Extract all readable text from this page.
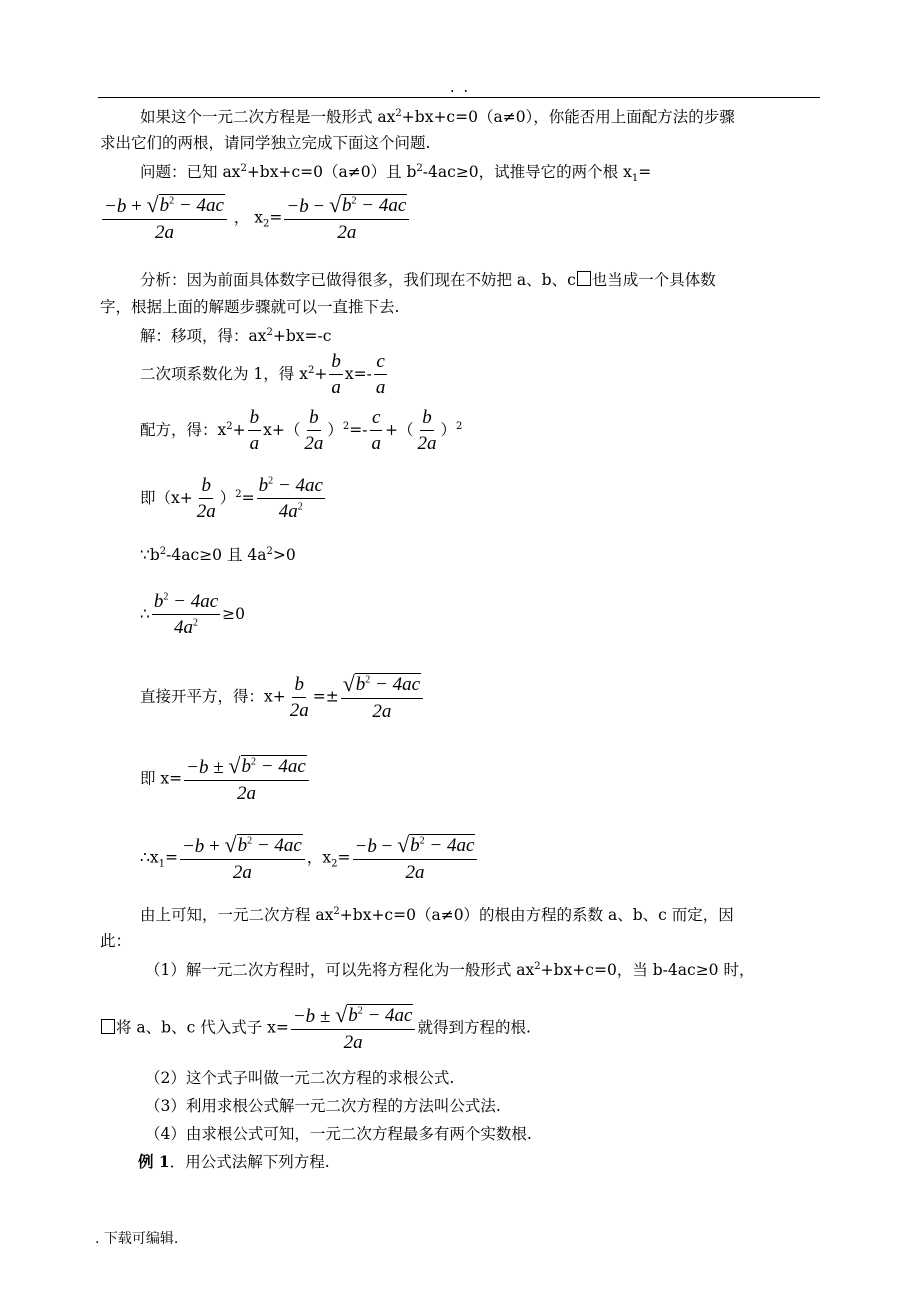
. .
如果这个一元二次方程是一般形式 $ax^2+bx+c=0(a\ne 0)$，你能否用上面配方法的步骤
求出它们的两根，请同学独立完成下面这个问题.
问题：已知 $ax^2+bx+c=0(a\ne 0)$且 $b^2-4ac\ge 0$，试推导它的两个根 $x_1=$
$\frac{-b + √ b^2 - 4ac}{2a}$ ， $x_2= \frac{-b - √ b^2 - 4ac}{2a}$
分析：因为前面具体数字已做得很多，我们现在不妨把 a、b、c 也当成一个具体数
字，根据上面的解题步骤就可以一直推下去.
解：移项，得：$ax^2+bx=-c$
二次项系数化为 1，得 $x^2+ \frac{b}{a} x=- \frac{c}{a}$
配方，得：$x^2+ \frac{b}{a} x+( \frac{b}{2a} )^2=- \frac{c}{a}$ +（ $\frac{b}{2a} )^2$
即$(x+ \frac{b}{2a} )^2= \frac{b^2 - 4ac}{4a^2}$
$\because b^2-4ac\ge 0$ 且 $4a^2>0$
∴ $\frac{b^2 - 4ac}{4a^2} \ge 0$
直接开平方，得：$x+ \frac{b}{2a} =\pm \frac{√ b^2 - 4ac}{2a}$
即 $x= \frac{-b \pm √ b^2 - 4ac}{2a}$
$\therefore x_1= \frac{-b + √ b^2 - 4ac}{2a}$ ，$x_2= \frac{-b - √ b^2 - 4ac}{2a}$
由上可知，一元二次方程 $ax^2+bx+c=0(a\ne 0)$的根由方程的系数 a、b、c 而定，因
此：
（1）解一元二次方程时，可以先将方程化为一般形式 $ax^2+bx+c=0$，当 b-4ac≥0 时，
将 a、b、c 代入式子 $x= \frac{-b \pm √ b^2 - 4ac}{2a}$ 就得到方程的根.
（2）这个式子叫做一元二次方程的求根公式.
（3）利用求根公式解一元二次方程的方法叫公式法.
（4）由求根公式可知，一元二次方程最多有两个实数根.
例 1．用公式法解下列方程.
. 下载可编辑.
